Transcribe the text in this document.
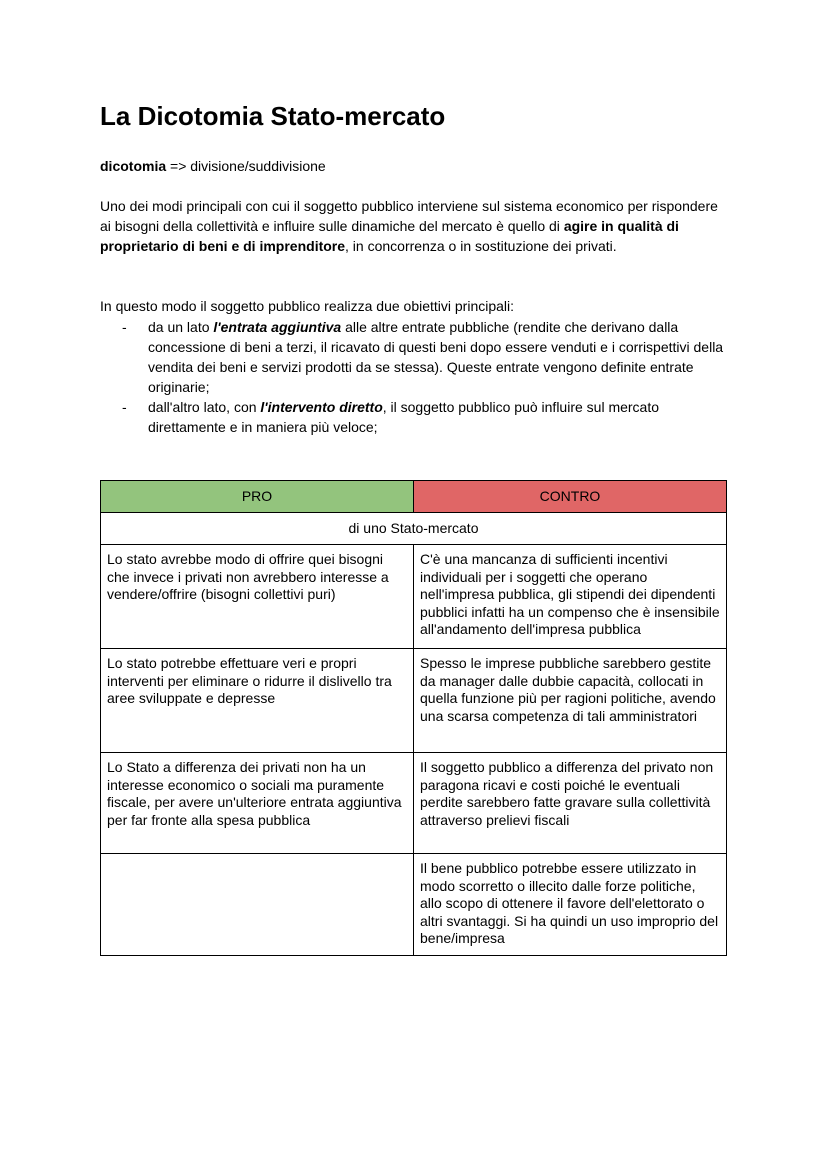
La Dicotomia Stato-mercato
dicotomia => divisione/suddivisione

Uno dei modi principali con cui il soggetto pubblico interviene sul sistema economico per rispondere ai bisogni della collettività e influire sulle dinamiche del mercato è quello di agire in qualità di proprietario di beni e di imprenditore, in concorrenza o in sostituzione dei privati.

In questo modo il soggetto pubblico realizza due obiettivi principali:

- da un lato l'entrata aggiuntiva alle altre entrate pubbliche (rendite che derivano dalla concessione di beni a terzi, il ricavato di questi beni dopo essere venduti e i corrispettivi della vendita dei beni e servizi prodotti da se stessa). Queste entrate vengono definite entrate originarie;
- dall'altro lato, con l'intervento diretto, il soggetto pubblico può influire sul mercato direttamente e in maniera più veloce;
PRO	CONTRO
di uno Stato-mercato	
Lo stato avrebbe modo di offrire quei bisogni che invece i privati non avrebbero interesse a vendere/offrire (bisogni collettivi puri)	C'è una mancanza di sufficienti incentivi individuali per i soggetti che operano nell'impresa pubblica, gli stipendi dei dipendenti pubblici infatti ha un compenso che è insensibile all'andamento dell'impresa pubblica
Lo stato potrebbe effettuare veri e propri interventi per eliminare o ridurre il dislivello tra aree sviluppate e depresse	Spesso le imprese pubbliche sarebbero gestite da manager dalle dubbie capacità, collocati in quella funzione più per ragioni politiche, avendo una scarsa competenza di tali amministratori
Lo Stato a differenza dei privati non ha un interesse economico o sociali ma puramente fiscale, per avere un'ulteriore entrata aggiuntiva per far fronte alla spesa pubblica	Il soggetto pubblico a differenza del privato non paragona ricavi e costi poiché le eventuali perdite sarebbero fatte gravare sulla collettività attraverso prelievi fiscali
	Il bene pubblico potrebbe essere utilizzato in modo scorretto o illecito dalle forze politiche, allo scopo di ottenere il favore dell'elettorato o altri svantaggi. Si ha quindi un uso improprio del bene/impresa
